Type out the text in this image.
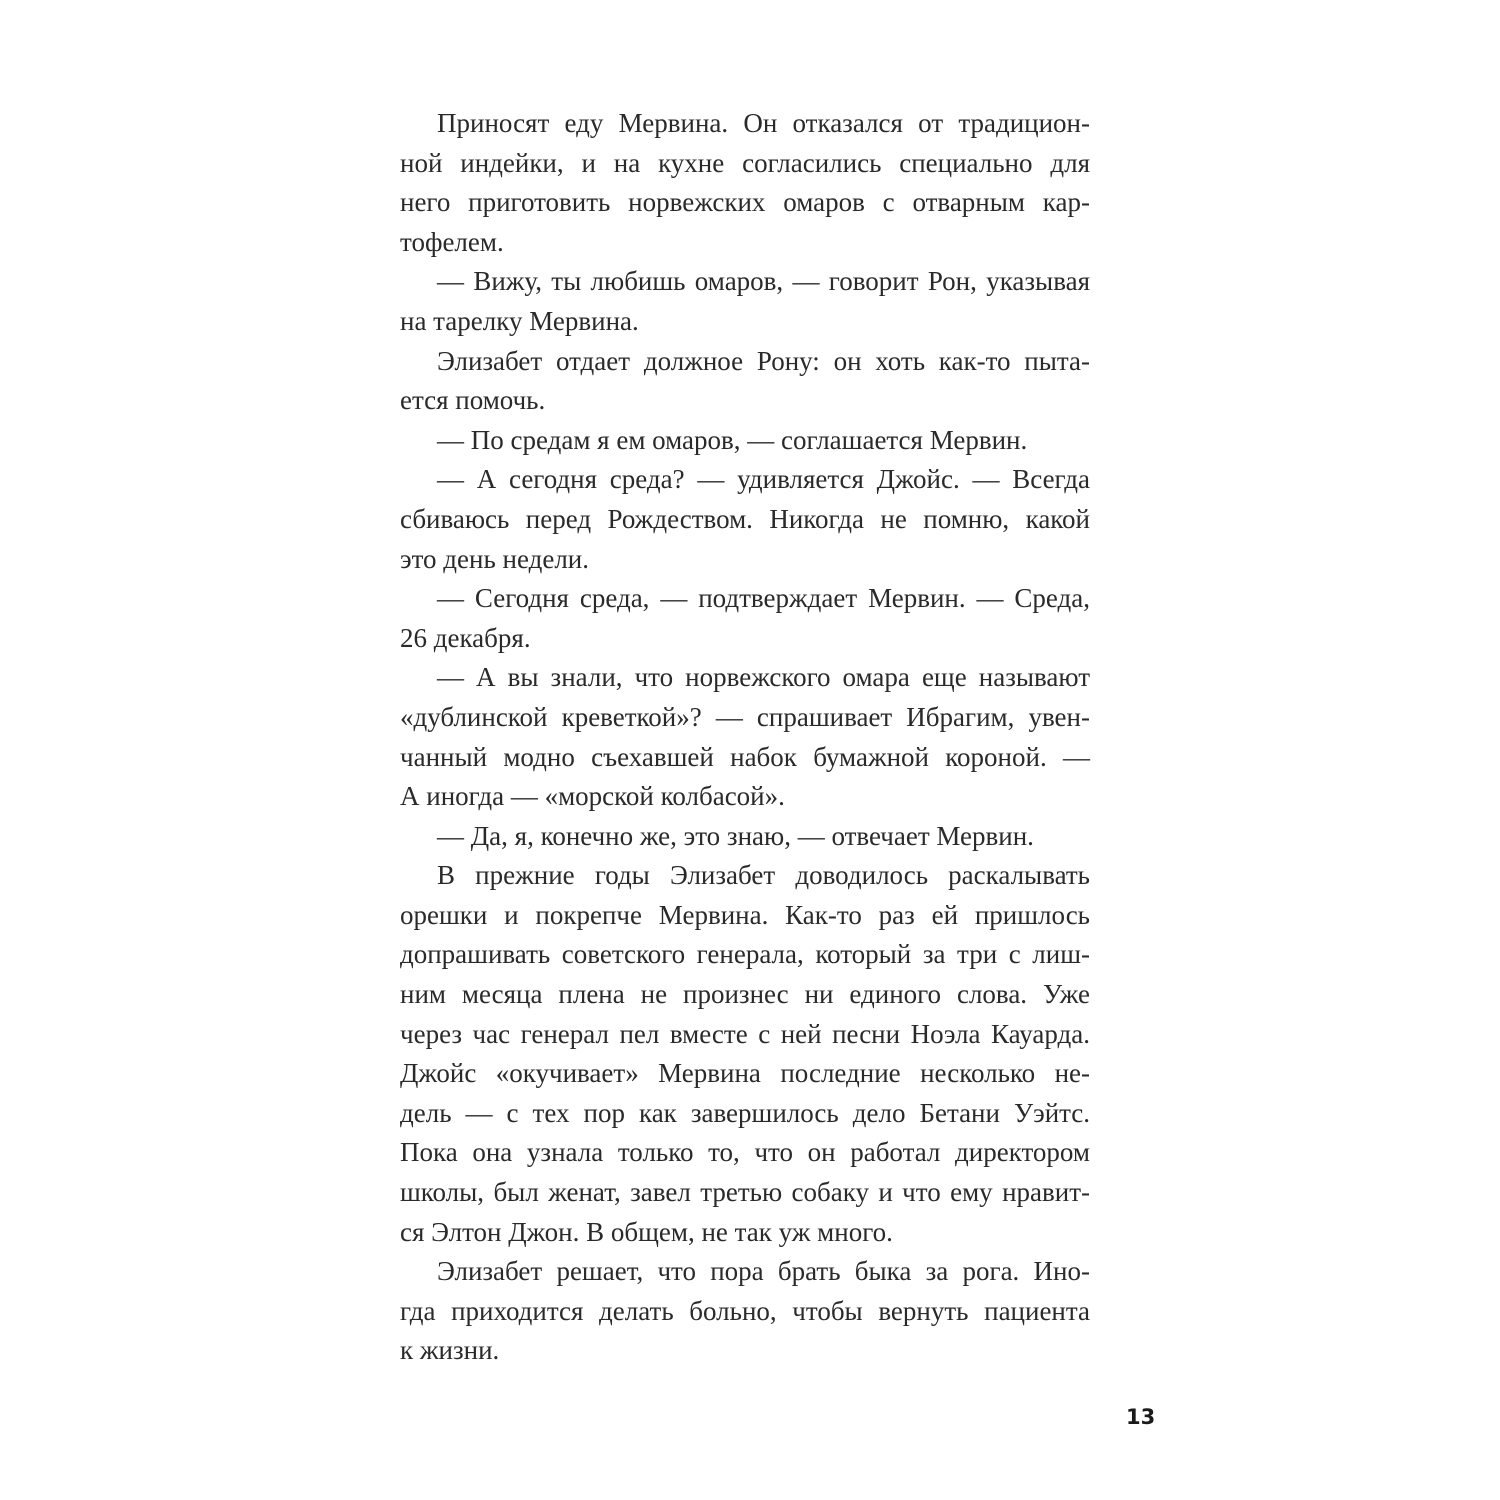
Приносят еду Мервина. Он отказался от традицион-
ной индейки, и на кухне согласились специально для
него приготовить норвежских омаров с отварным кар-
тофелем.
— Вижу, ты любишь омаров, — говорит Рон, указывая
на тарелку Мервина.
Элизабет отдает должное Рону: он хоть как-то пыта-
ется помочь.
— По средам я ем омаров, — соглашается Мервин.
— А сегодня среда? — удивляется Джойс. — Всегда
сбиваюсь перед Рождеством. Никогда не помню, какой
это день недели.
— Сегодня среда, — подтверждает Мервин. — Среда,
26 декабря.
— А вы знали, что норвежского омара еще называют
«дублинской креветкой»? — спрашивает Ибрагим, увен-
чанный модно съехавшей набок бумажной короной. —
А иногда — «морской колбасой».
— Да, я, конечно же, это знаю, — отвечает Мервин.
В прежние годы Элизабет доводилось раскалывать
орешки и покрепче Мервина. Как-то раз ей пришлось
допрашивать советского генерала, который за три с лиш-
ним месяца плена не произнес ни единого слова. Уже
через час генерал пел вместе с ней песни Ноэла Кауарда.
Джойс «окучивает» Мервина последние несколько не-
дель — с тех пор как завершилось дело Бетани Уэйтс.
Пока она узнала только то, что он работал директором
школы, был женат, завел третью собаку и что ему нравит-
ся Элтон Джон. В общем, не так уж много.
Элизабет решает, что пора брать быка за рога. Ино-
гда приходится делать больно, чтобы вернуть пациента
к жизни.
13
